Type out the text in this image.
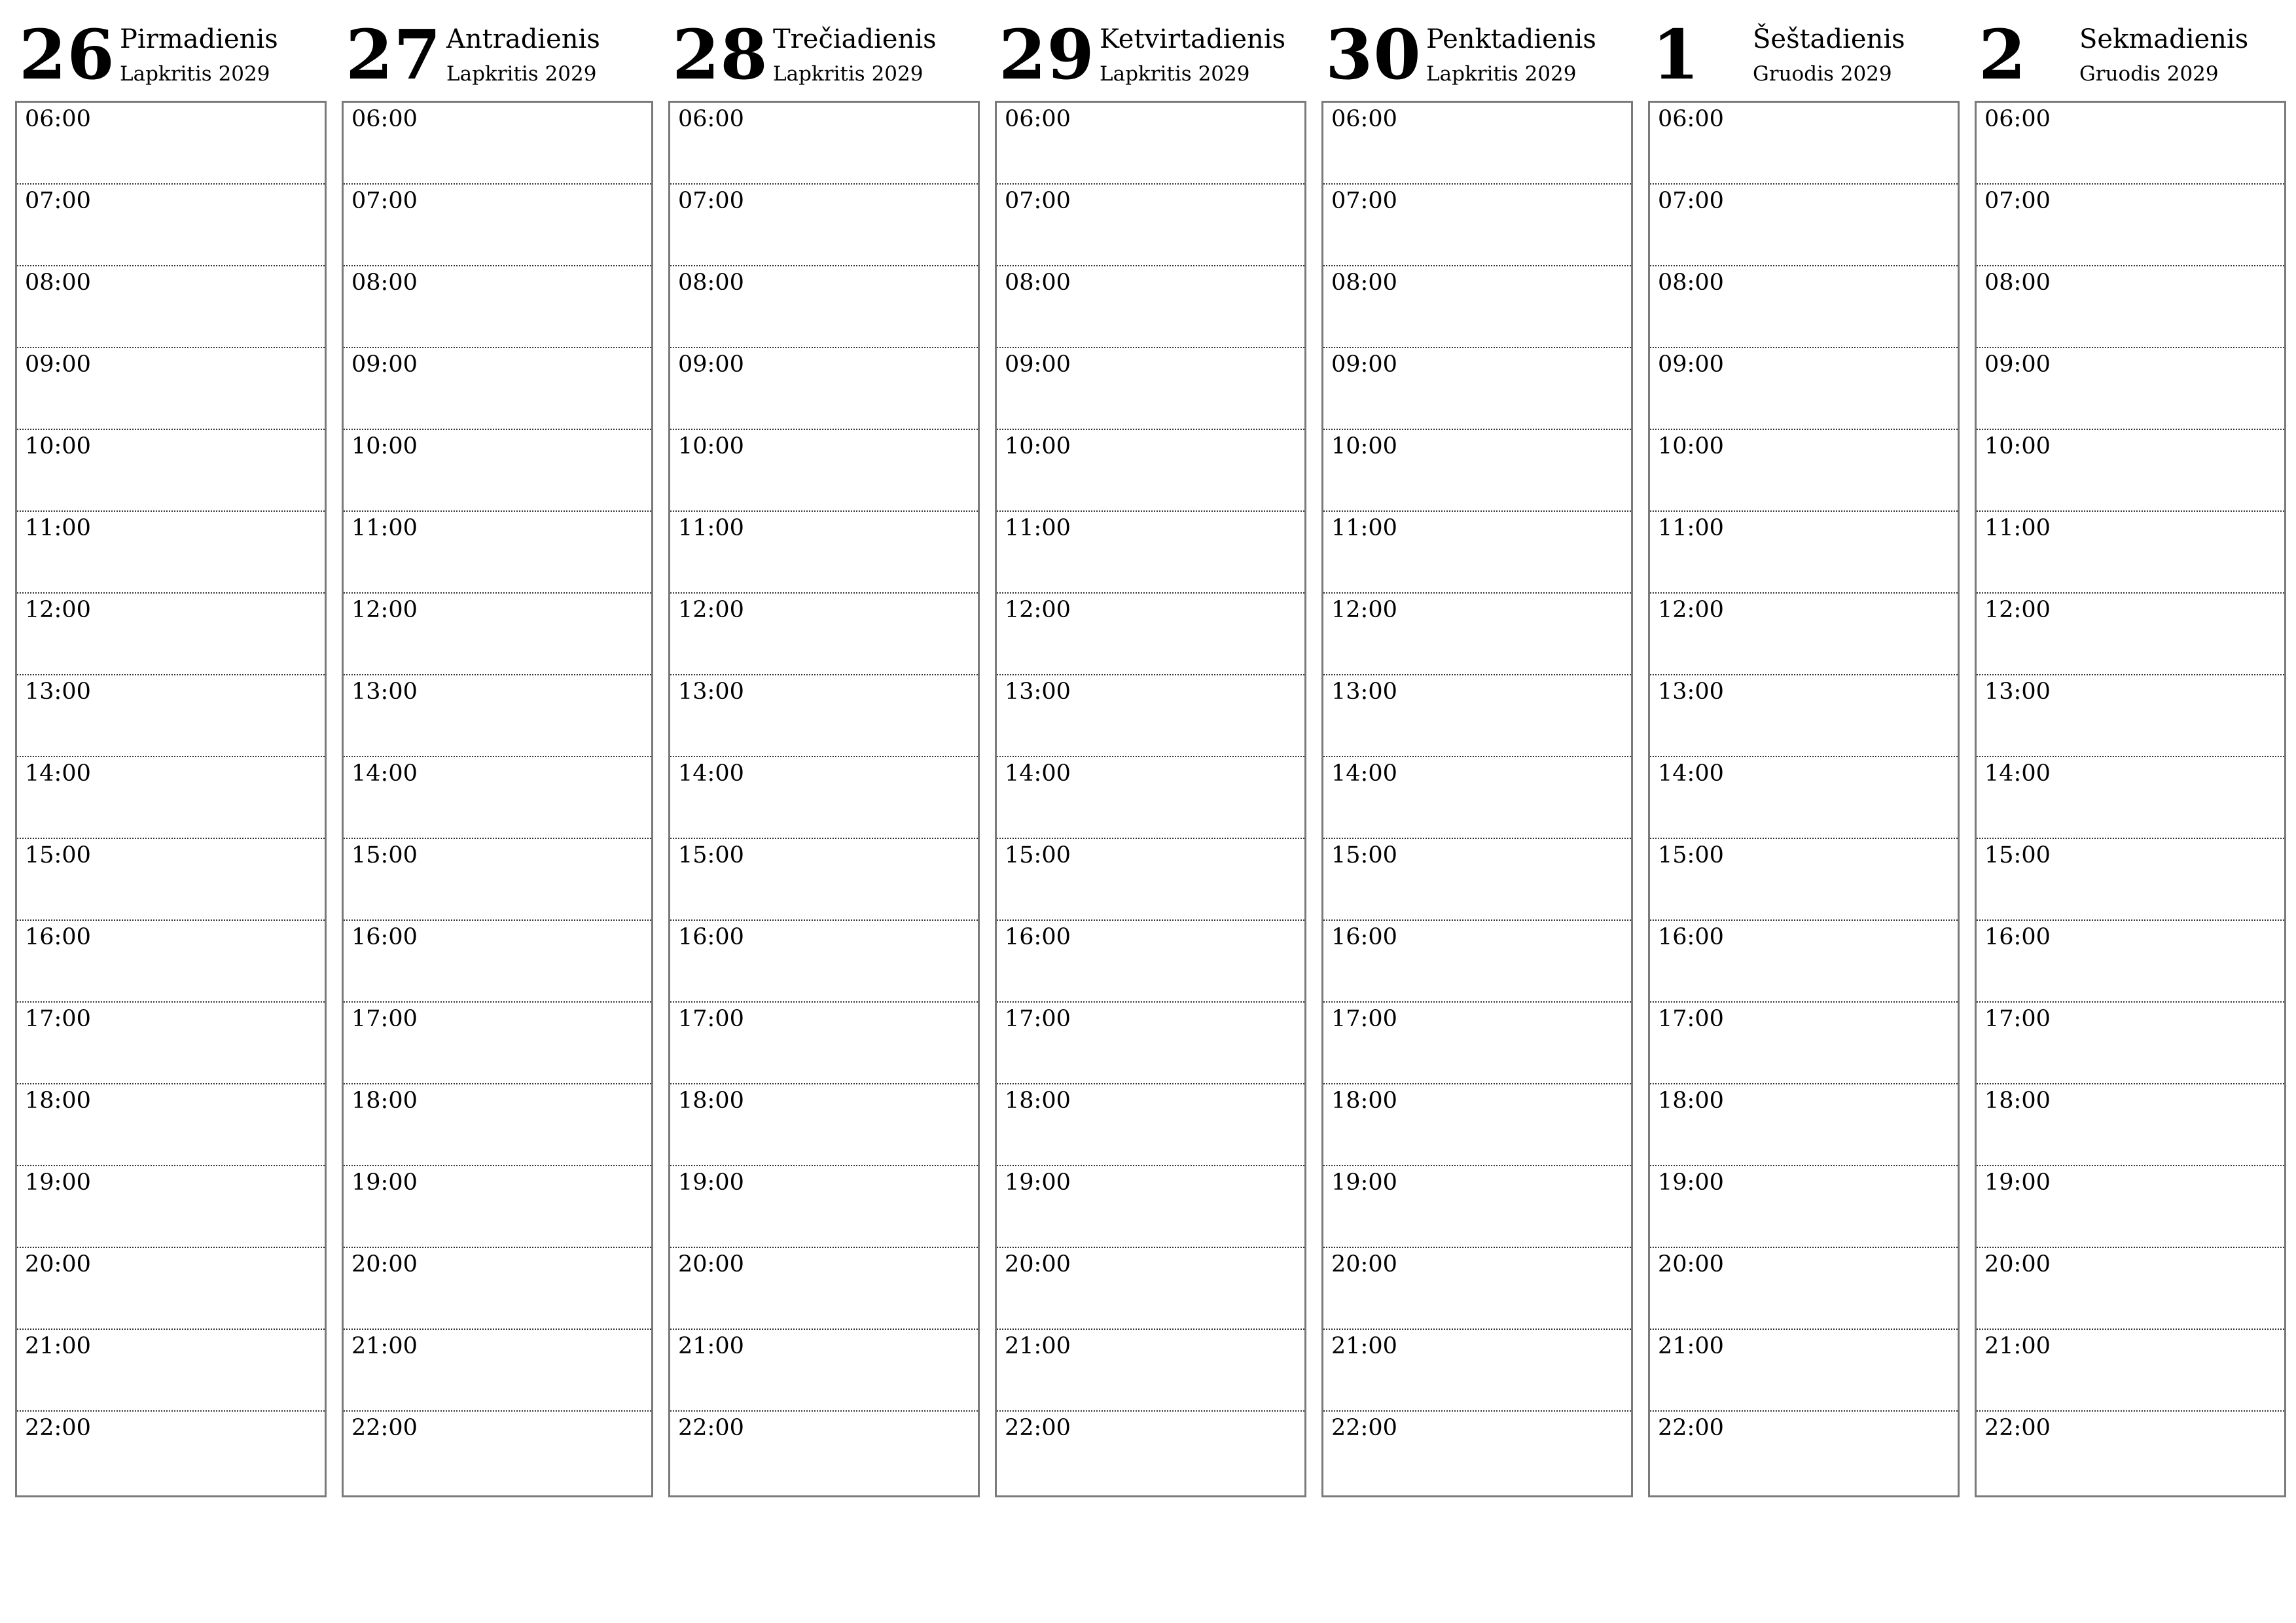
26 Pirmadienis
Lapkritis 2029
06:00
07:00
08:00
09:00
10:00
11:00
12:00
13:00
14:00
15:00
16:00
17:00
18:00
19:00
20:00
21:00
22:00
27 Antradienis
Lapkritis 2029
06:00
07:00
08:00
09:00
10:00
11:00
12:00
13:00
14:00
15:00
16:00
17:00
18:00
19:00
20:00
21:00
22:00
28 Trečiadienis
Lapkritis 2029
06:00
07:00
08:00
09:00
10:00
11:00
12:00
13:00
14:00
15:00
16:00
17:00
18:00
19:00
20:00
21:00
22:00
29 Ketvirtadienis
Lapkritis 2029
06:00
07:00
08:00
09:00
10:00
11:00
12:00
13:00
14:00
15:00
16:00
17:00
18:00
19:00
20:00
21:00
22:00
30 Penktadienis
Lapkritis 2029
06:00
07:00
08:00
09:00
10:00
11:00
12:00
13:00
14:00
15:00
16:00
17:00
18:00
19:00
20:00
21:00
22:00
1 Šeštadienis
Gruodis 2029
06:00
07:00
08:00
09:00
10:00
11:00
12:00
13:00
14:00
15:00
16:00
17:00
18:00
19:00
20:00
21:00
22:00
2 Sekmadienis
Gruodis 2029
06:00
07:00
08:00
09:00
10:00
11:00
12:00
13:00
14:00
15:00
16:00
17:00
18:00
19:00
20:00
21:00
22:00
